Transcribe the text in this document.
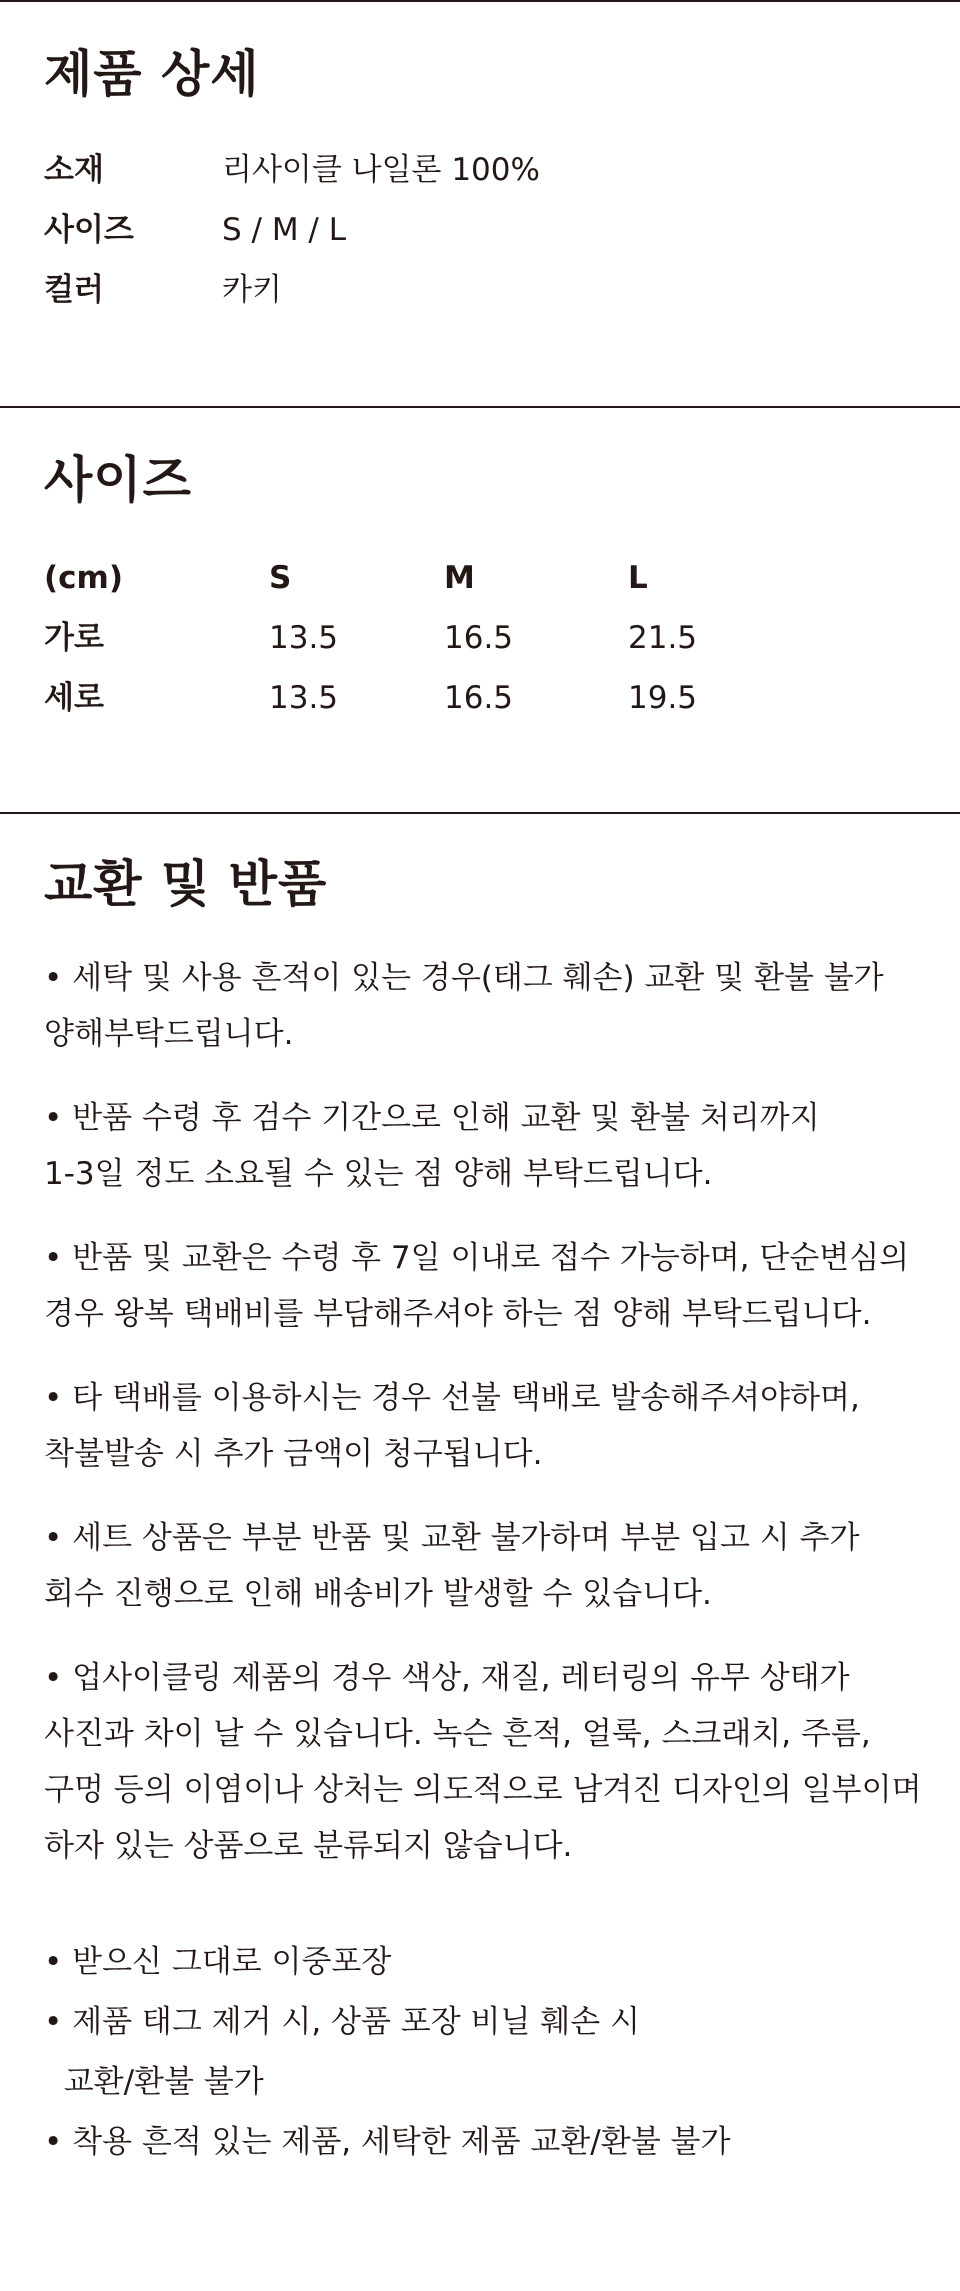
제품 상세
소재	리사이클 나일론 100%
사이즈	S / M / L
컬러	카키
사이즈
(cm)	S	M	L
가로	13.5	16.5	21.5
세로	13.5	16.5	19.5
교환 및 반품
• 세탁 및 사용 흔적이 있는 경우(태그 훼손) 교환 및 환불 불가
양해부탁드립니다.
• 반품 수령 후 검수 기간으로 인해 교환 및 환불 처리까지
1-3일 정도 소요될 수 있는 점 양해 부탁드립니다.
• 반품 및 교환은 수령 후 7일 이내로 접수 가능하며, 단순변심의
경우 왕복 택배비를 부담해주셔야 하는 점 양해 부탁드립니다.
• 타 택배를 이용하시는 경우 선불 택배로 발송해주셔야하며,
착불발송 시 추가 금액이 청구됩니다.
• 세트 상품은 부분 반품 및 교환 불가하며 부분 입고 시 추가
회수 진행으로 인해 배송비가 발생할 수 있습니다.
• 업사이클링 제품의 경우 색상, 재질, 레터링의 유무 상태가
사진과 차이 날 수 있습니다. 녹슨 흔적, 얼룩, 스크래치, 주름,
구멍 등의 이염이나 상처는 의도적으로 남겨진 디자인의 일부이며
하자 있는 상품으로 분류되지 않습니다.
• 받으신 그대로 이중포장
• 제품 태그 제거 시, 상품 포장 비닐 훼손 시
교환/환불 불가
• 착용 흔적 있는 제품, 세탁한 제품 교환/환불 불가
